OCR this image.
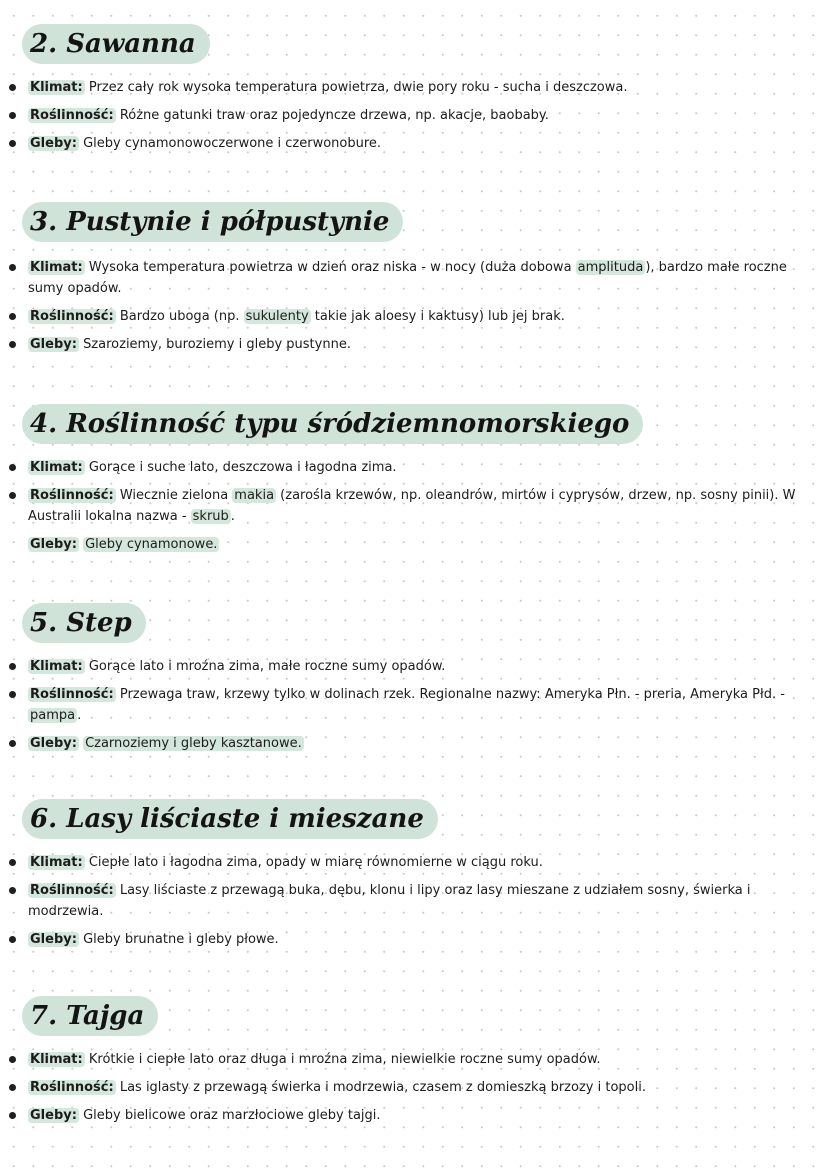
2. Sawanna
Klimat: Przez cały rok wysoka temperatura powietrza, dwie pory roku - sucha i deszczowa.
Roślinność: Różne gatunki traw oraz pojedyncze drzewa, np. akacje, baobaby.
Gleby: Gleby cynamonowoczerwone i czerwonobure.
3. Pustynie i półpustynie
Klimat: Wysoka temperatura powietrza w dzień oraz niska - w nocy (duża dobowa amplituda ), bardzo małe roczne sumy opadów.
Roślinność: Bardzo uboga (np. sukulenty takie jak aloesy i kaktusy) lub jej brak.
Gleby: Szaroziemy, buroziemy i gleby pustynne.
4. Roślinność typu śródziemnomorskiego
Klimat: Gorące i suche lato, deszczowa i łagodna zima.
Roślinność: Wiecznie zielona makia (zarośla krzewów, np. oleandrów, mirtów i cyprysów, drzew, np. sosny pinii). W Australii lokalna nazwa - skrub .
Gleby: Gleby cynamonowe.
5. Step
Klimat: Gorące lato i mroźna zima, małe roczne sumy opadów.
Roślinność: Przewaga traw, krzewy tylko w dolinach rzek. Regionalne nazwy: Ameryka Płn. - preria, Ameryka Płd. - pampa .
Gleby: Czarnoziemy i gleby kasztanowe.
6. Lasy liściaste i mieszane
Klimat: Ciepłe lato i łagodna zima, opady w miarę równomierne w ciągu roku.
Roślinność: Lasy liściaste z przewagą buka, dębu, klonu i lipy oraz lasy mieszane z udziałem sosny, świerka i modrzewia.
Gleby: Gleby brunatne i gleby płowe.
7. Tajga
Klimat: Krótkie i ciepłe lato oraz długa i mroźna zima, niewielkie roczne sumy opadów.
Roślinność: Las iglasty z przewagą świerka i modrzewia, czasem z domieszką brzozy i topoli.
Gleby: Gleby bielicowe oraz marzłociowe gleby tajgi.
